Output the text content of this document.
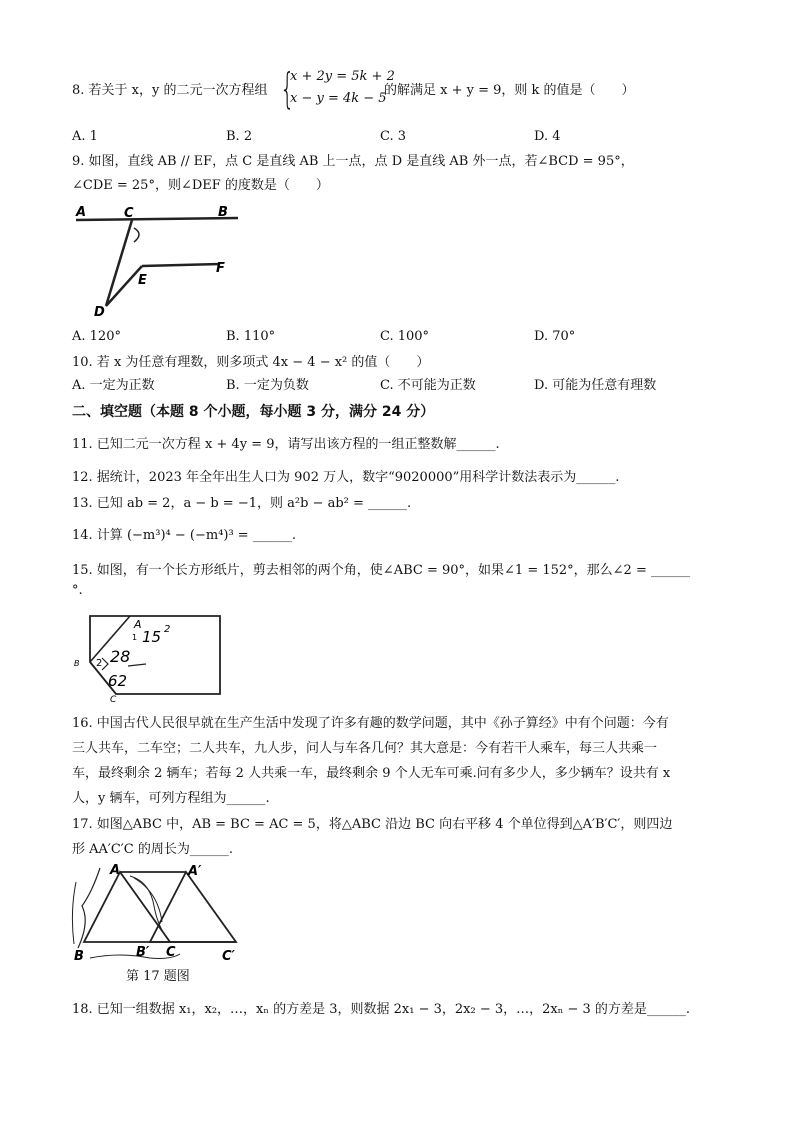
8. 若关于 x，y 的二元一次方程组 {
x + 2y = 5k + 2
x − y = 4k − 5
的解满足 x + y = 9，则 k 的值是（　　）
A. 1	B. 2	C. 3	D. 4
9. 如图，直线 AB // EF，点 C 是直线 AB 上一点，点 D 是直线 AB 外一点，若∠BCD = 95°，
∠CDE = 25°，则∠DEF 的度数是（　　）
A	C	B
E
F
D
A. 120°	B. 110°	C. 100°	D. 70°
10. 若 x 为任意有理数，则多项式 4x − 4 − x² 的值（　　）
A. 一定为正数	B. 一定为负数	C. 不可能为正数	D. 可能为任意有理数
二、填空题（本题 8 个小题，每小题 3 分，满分 24 分）
11. 已知二元一次方程 x + 4y = 9，请写出该方程的一组正整数解______.
12. 据统计，2023 年全年出生人口为 902 万人，数字“9020000”用科学计数法表示为______.
13. 已知 ab = 2，a − b = −1，则 a²b − ab² = ______.
14. 计算 (−m³)⁴ − (−m⁴)³ = ______.
15. 如图，有一个长方形纸片，剪去相邻的两个角，使∠ABC = 90°，如果∠1 = 152°，那么∠2 = ______
°.
A
1
2
B
C
15 2
28
62
16. 中国古代人民很早就在生产生活中发现了许多有趣的数学问题，其中《孙子算经》中有个问题：今有
三人共车，二车空；二人共车，九人步，问人与车各几何？其大意是：今有若干人乘车，每三人共乘一
车，最终剩余 2 辆车；若每 2 人共乘一车，最终剩余 9 个人无车可乘.问有多少人，多少辆车？设共有 x
人，y 辆车，可列方程组为______.
17. 如图△ABC 中，AB = BC = AC = 5，将△ABC 沿边 BC 向右平移 4 个单位得到△A′B′C′，则四边
形 AA′C′C 的周长为______.
A	A′
B	B′ C	C′
第 17 题图
18. 已知一组数据 x₁，x₂，…，xₙ 的方差是 3，则数据 2x₁ − 3，2x₂ − 3，…，2xₙ − 3 的方差是______.
